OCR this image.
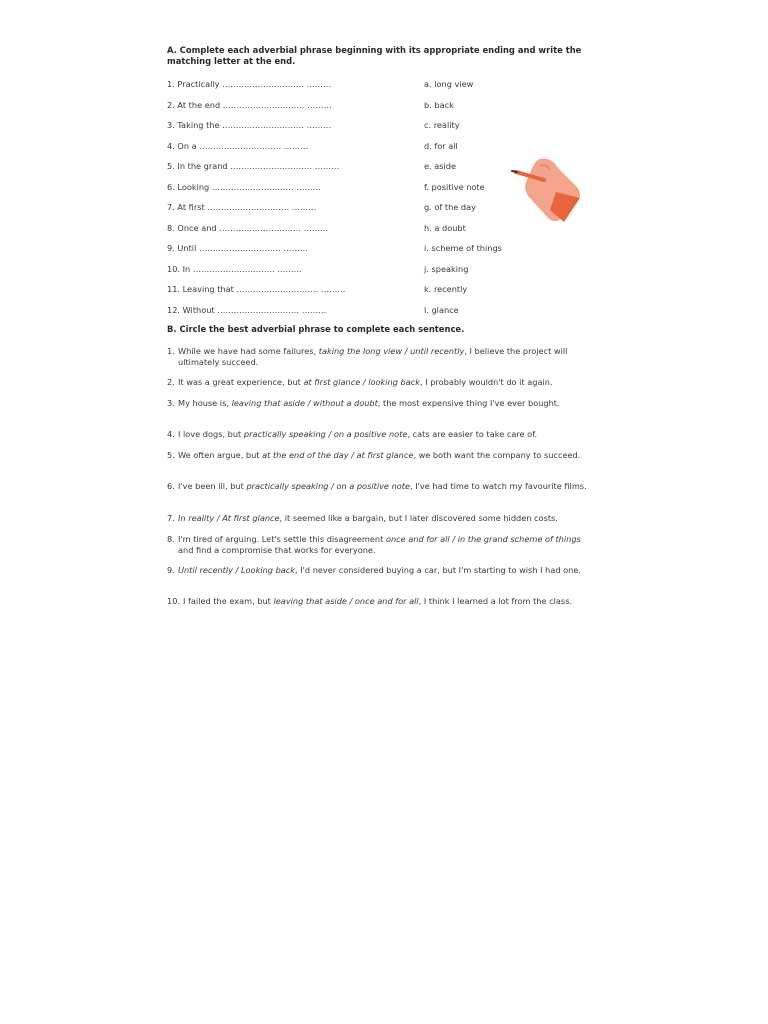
A. Complete each adverbial phrase beginning with its appropriate ending and write the matching letter at the end.
1. Practically ………………………… ………	a. long view
2. At the end ………………………… ………	b. back
3. Taking the ………………………… ………	c. reality
4. On a ………………………… ………	d. for all
5. In the grand ………………………… ………	e. aside
6. Looking ………………………… ………	f. positive note
7. At first ………………………… ………	g. of the day
8. Once and ………………………… ………	h. a doubt
9. Until ………………………… ………	i. scheme of things
10. In ………………………… ………	j. speaking
11. Leaving that ………………………… ………	k. recently
12. Without ………………………… ………	l. glance
B. Circle the best adverbial phrase to complete each sentence.
1. While we have had some failures, taking the long view / until recently, I believe the project will ultimately succeed.
2. It was a great experience, but at first glance / looking back, I probably wouldn't do it again.
3. My house is, leaving that aside / without a doubt, the most expensive thing I've ever bought.
4. I love dogs, but practically speaking / on a positive note, cats are easier to take care of.
5. We often argue, but at the end of the day / at first glance, we both want the company to succeed.
6. I've been ill, but practically speaking / on a positive note, I've had time to watch my favourite films.
7. In reality / At first glance, it seemed like a bargain, but I later discovered some hidden costs.
8. I'm tired of arguing. Let's settle this disagreement once and for all / in the grand scheme of things and find a compromise that works for everyone.
9. Until recently / Looking back, I'd never considered buying a car, but I'm starting to wish I had one.
10. I failed the exam, but leaving that aside / once and for all, I think I learned a lot from the class.
